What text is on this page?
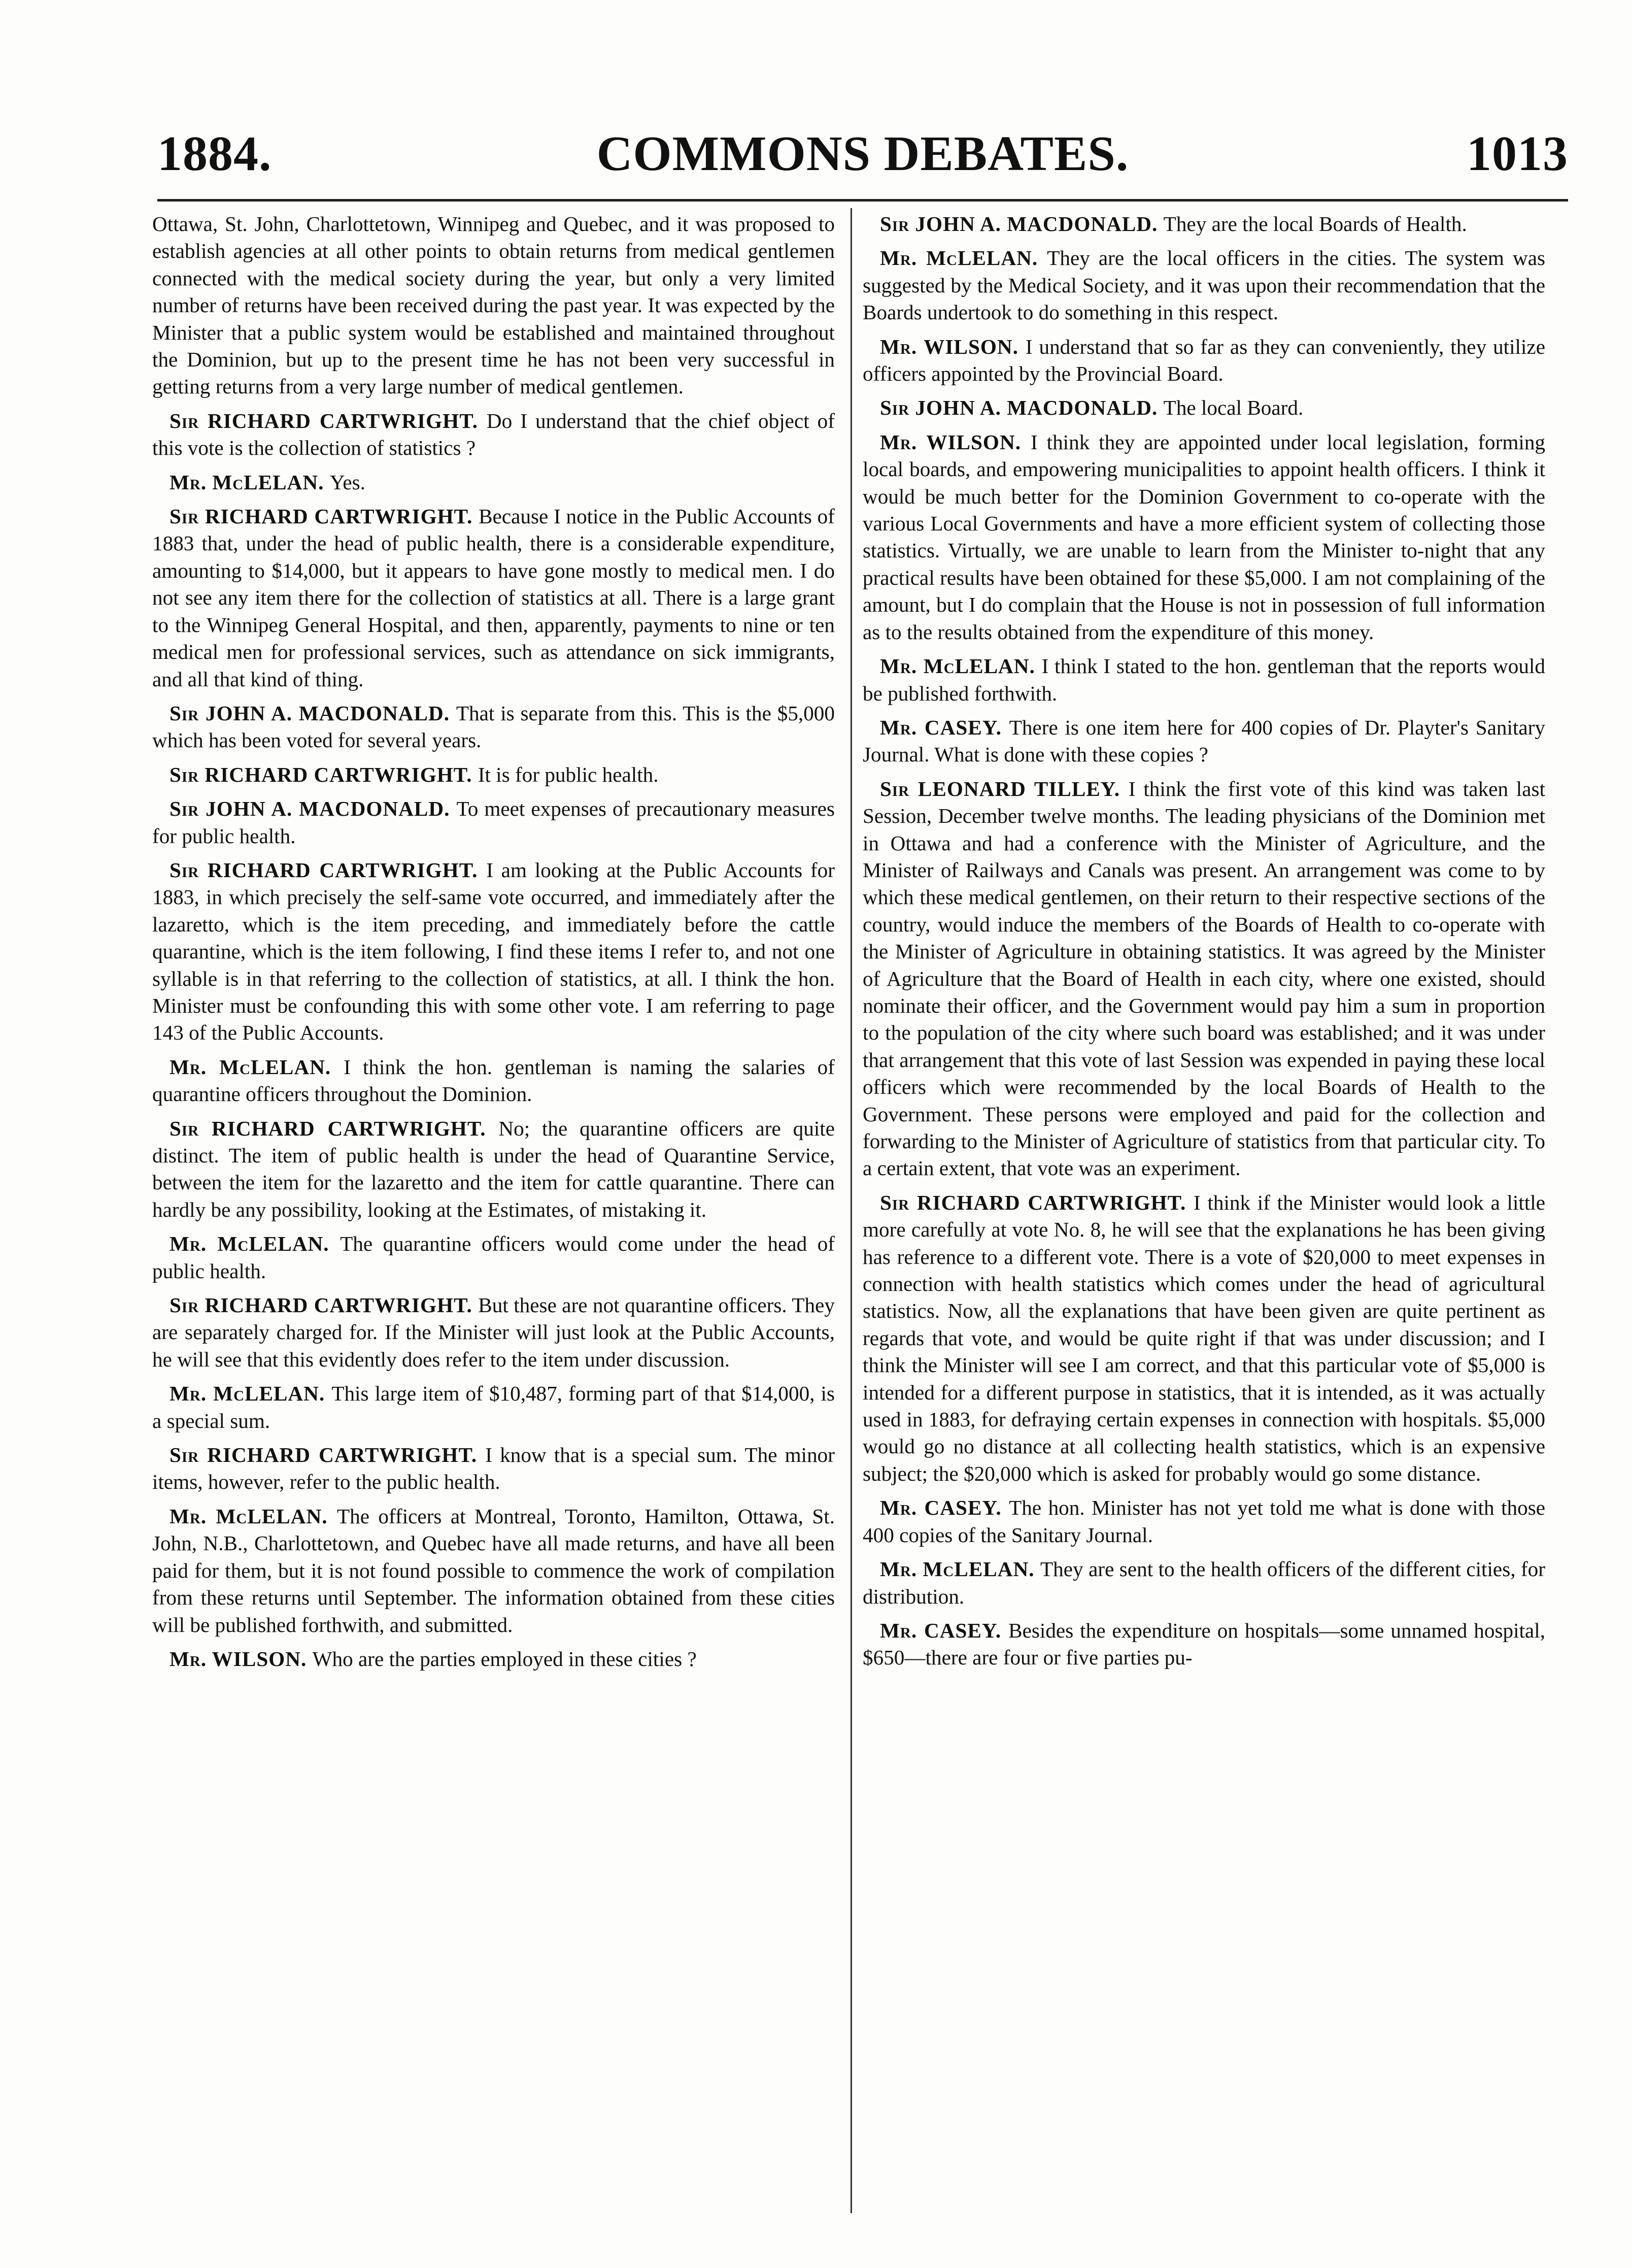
1884.	COMMONS DEBATES.	1013

Ottawa, St. John, Charlottetown, Winnipeg and Quebec, and it was proposed to establish agencies at all other points to obtain returns from medical gentlemen connected with the medical society during the year, but only a very limited number of returns have been received during the past year. It was expected by the Minister that a public system would be established and maintained throughout the Dominion, but up to the present time he has not been very successful in getting returns from a very large number of medical gentlemen.

Sir RICHARD CARTWRIGHT. Do I understand that the chief object of this vote is the collection of statistics ?

Mr. McLELAN. Yes.

Sir RICHARD CARTWRIGHT. Because I notice in the Public Accounts of 1883 that, under the head of public health, there is a considerable expenditure, amounting to $14,000, but it appears to have gone mostly to medical men. I do not see any item there for the collection of statistics at all. There is a large grant to the Winnipeg General Hospital, and then, apparently, payments to nine or ten medical men for professional services, such as attendance on sick immigrants, and all that kind of thing.

Sir JOHN A. MACDONALD. That is separate from this. This is the $5,000 which has been voted for several years.

Sir RICHARD CARTWRIGHT. It is for public health.

Sir JOHN A. MACDONALD. To meet expenses of precautionary measures for public health.

Sir RICHARD CARTWRIGHT. I am looking at the Public Accounts for 1883, in which precisely the self-same vote occurred, and immediately after the lazaretto, which is the item preceding, and immediately before the cattle quarantine, which is the item following, I find these items I refer to, and not one syllable is in that referring to the collection of statistics, at all. I think the hon. Minister must be confounding this with some other vote. I am referring to page 143 of the Public Accounts.

Mr. McLELAN. I think the hon. gentleman is naming the salaries of quarantine officers throughout the Dominion.

Sir RICHARD CARTWRIGHT. No; the quarantine officers are quite distinct. The item of public health is under the head of Quarantine Service, between the item for the lazaretto and the item for cattle quarantine. There can hardly be any possibility, looking at the Estimates, of mistaking it.

Mr. McLELAN. The quarantine officers would come under the head of public health.

Sir RICHARD CARTWRIGHT. But these are not quarantine officers. They are separately charged for. If the Minister will just look at the Public Accounts, he will see that this evidently does refer to the item under discussion.

Mr. McLELAN. This large item of $10,487, forming part of that $14,000, is a special sum.

Sir RICHARD CARTWRIGHT. I know that is a special sum. The minor items, however, refer to the public health.

Mr. McLELAN. The officers at Montreal, Toronto, Hamilton, Ottawa, St. John, N.B., Charlottetown, and Quebec have all made returns, and have all been paid for them, but it is not found possible to commence the work of compilation from these returns until September. The information obtained from these cities will be published forthwith, and submitted.

Mr. WILSON. Who are the parties employed in these cities ?

Sir JOHN A. MACDONALD. They are the local Boards of Health.

Mr. McLELAN. They are the local officers in the cities. The system was suggested by the Medical Society, and it was upon their recommendation that the Boards undertook to do something in this respect.

Mr. WILSON. I understand that so far as they can conveniently, they utilize officers appointed by the Provincial Board.

Sir JOHN A. MACDONALD. The local Board.

Mr. WILSON. I think they are appointed under local legislation, forming local boards, and empowering municipalities to appoint health officers. I think it would be much better for the Dominion Government to co-operate with the various Local Governments and have a more efficient system of collecting those statistics. Virtually, we are unable to learn from the Minister to-night that any practical results have been obtained for these $5,000. I am not complaining of the amount, but I do complain that the House is not in possession of full information as to the results obtained from the expenditure of this money.

Mr. McLELAN. I think I stated to the hon. gentleman that the reports would be published forthwith.

Mr. CASEY. There is one item here for 400 copies of Dr. Playter's Sanitary Journal. What is done with these copies ?

Sir LEONARD TILLEY. I think the first vote of this kind was taken last Session, December twelve months. The leading physicians of the Dominion met in Ottawa and had a conference with the Minister of Agriculture, and the Minister of Railways and Canals was present. An arrangement was come to by which these medical gentlemen, on their return to their respective sections of the country, would induce the members of the Boards of Health to co-operate with the Minister of Agriculture in obtaining statistics. It was agreed by the Minister of Agriculture that the Board of Health in each city, where one existed, should nominate their officer, and the Government would pay him a sum in proportion to the population of the city where such board was established; and it was under that arrangement that this vote of last Session was expended in paying these local officers which were recommended by the local Boards of Health to the Government. These persons were employed and paid for the collection and forwarding to the Minister of Agriculture of statistics from that particular city. To a certain extent, that vote was an experiment.

Sir RICHARD CARTWRIGHT. I think if the Minister would look a little more carefully at vote No. 8, he will see that the explanations he has been giving has reference to a different vote. There is a vote of $20,000 to meet expenses in connection with health statistics which comes under the head of agricultural statistics. Now, all the explanations that have been given are quite pertinent as regards that vote, and would be quite right if that was under discussion; and I think the Minister will see I am correct, and that this particular vote of $5,000 is intended for a different purpose in statistics, that it is intended, as it was actually used in 1883, for defraying certain expenses in connection with hospitals. $5,000 would go no distance at all collecting health statistics, which is an expensive subject; the $20,000 which is asked for probably would go some distance.

Mr. CASEY. The hon. Minister has not yet told me what is done with those 400 copies of the Sanitary Journal.

Mr. McLELAN. They are sent to the health officers of the different cities, for distribution.

Mr. CASEY. Besides the expenditure on hospitals—some unnamed hospital, $650—there are four or five parties pu-
